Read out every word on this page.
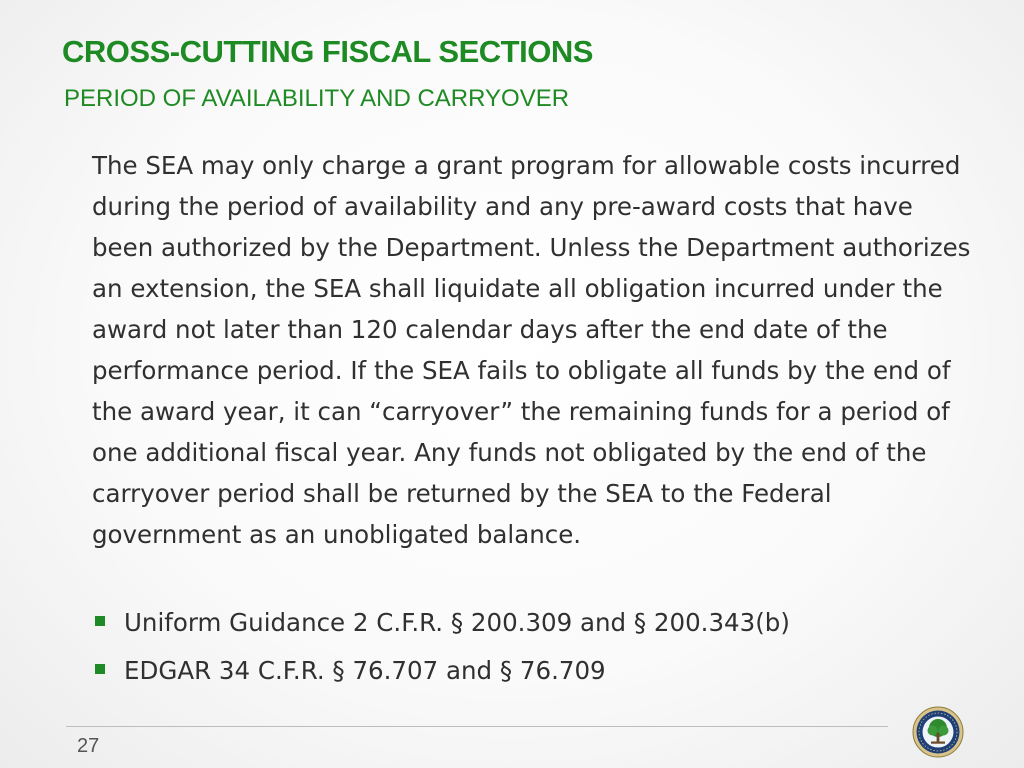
CROSS-CUTTING FISCAL SECTIONS
PERIOD OF AVAILABILITY AND CARRYOVER

The SEA may only charge a grant program for allowable costs incurred during the period of availability and any pre-award costs that have been authorized by the Department. Unless the Department authorizes an extension, the SEA shall liquidate all obligation incurred under the award not later than 120 calendar days after the end date of the performance period. If the SEA fails to obligate all funds by the end of the award year, it can “carryover” the remaining funds for a period of one additional fiscal year. Any funds not obligated by the end of the carryover period shall be returned by the SEA to the Federal government as an unobligated balance.

Uniform Guidance 2 C.F.R. § 200.309 and § 200.343(b)
EDGAR 34 C.F.R. § 76.707 and § 76.709
27
